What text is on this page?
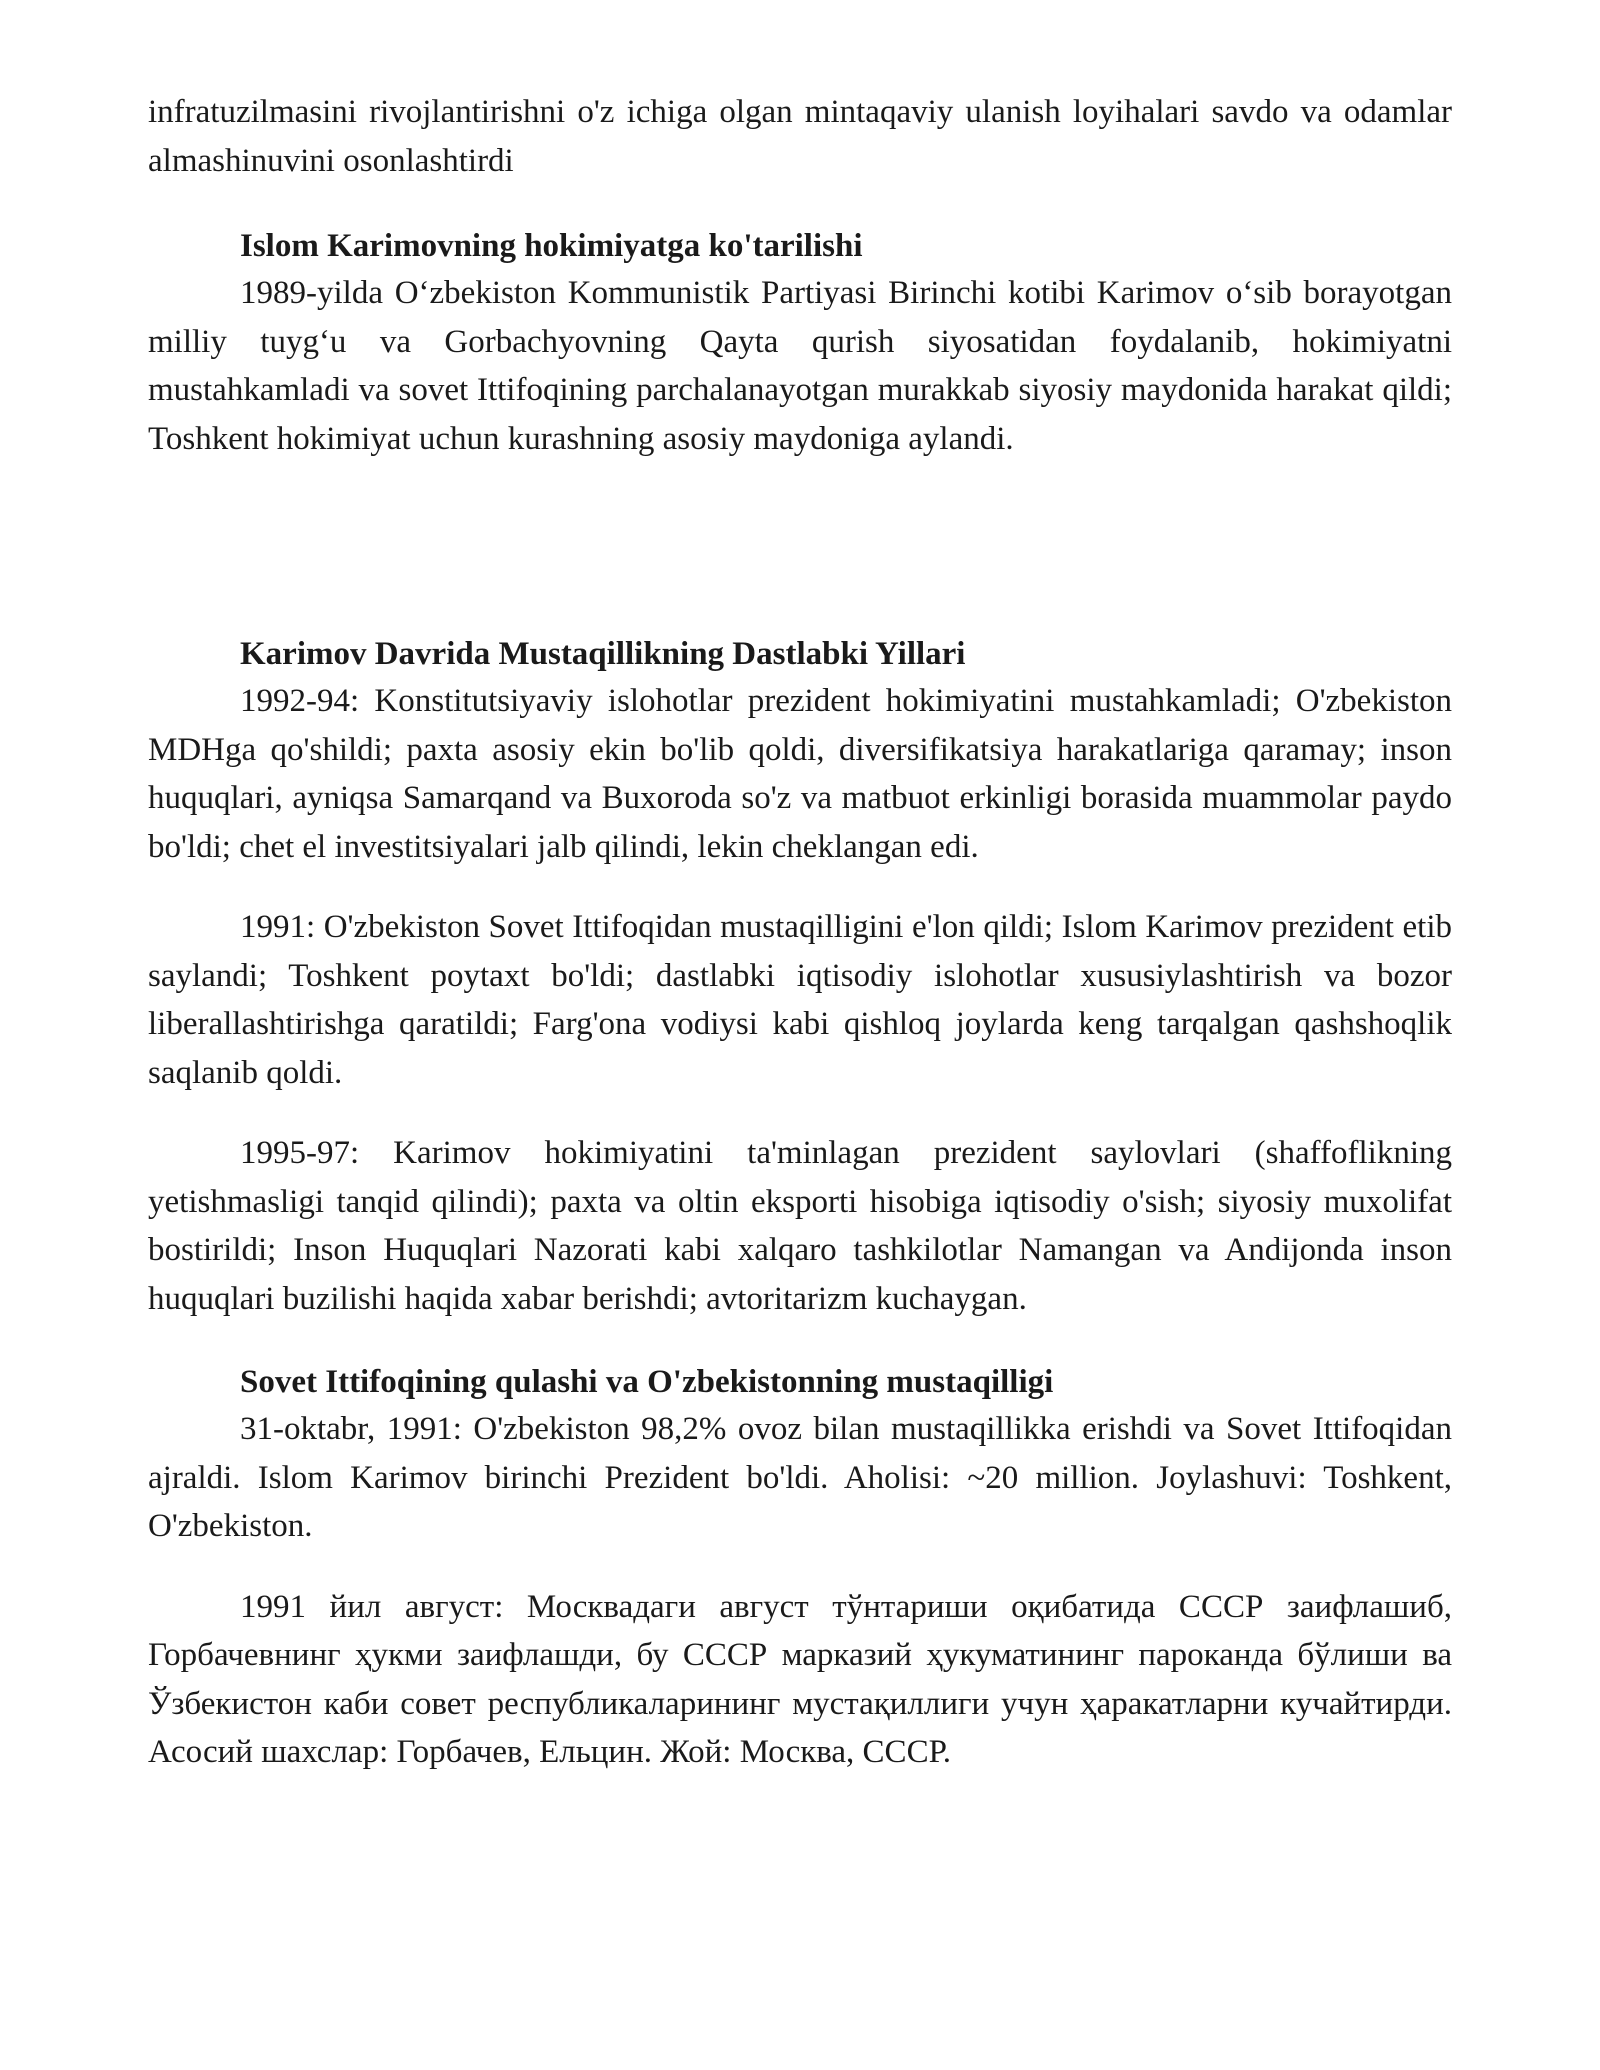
infratuzilmasini rivojlantirishni o'z ichiga olgan mintaqaviy ulanish loyihalari savdo va odamlar almashinuvini osonlashtirdi

Islom Karimovning hokimiyatga ko'tarilishi

1989-yilda O‘zbekiston Kommunistik Partiyasi Birinchi kotibi Karimov o‘sib borayotgan milliy tuyg‘u va Gorbachyovning Qayta qurish siyosatidan foydalanib, hokimiyatni mustahkamladi va sovet Ittifoqining parchalanayotgan murakkab siyosiy maydonida harakat qildi; Toshkent hokimiyat uchun kurashning asosiy maydoniga aylandi.

Karimov Davrida Mustaqillikning Dastlabki Yillari

1992-94: Konstitutsiyaviy islohotlar prezident hokimiyatini mustahkamladi; O'zbekiston MDHga qo'shildi; paxta asosiy ekin bo'lib qoldi, diversifikatsiya harakatlariga qaramay; inson huquqlari, ayniqsa Samarqand va Buxoroda so'z va matbuot erkinligi borasida muammolar paydo bo'ldi; chet el investitsiyalari jalb qilindi, lekin cheklangan edi.

1991: O'zbekiston Sovet Ittifoqidan mustaqilligini e'lon qildi; Islom Karimov prezident etib saylandi; Toshkent poytaxt bo'ldi; dastlabki iqtisodiy islohotlar xususiylashtirish va bozor liberallashtirishga qaratildi; Farg'ona vodiysi kabi qishloq joylarda keng tarqalgan qashshoqlik saqlanib qoldi.

1995-97: Karimov hokimiyatini ta'minlagan prezident saylovlari (shaffoflikning yetishmasligi tanqid qilindi); paxta va oltin eksporti hisobiga iqtisodiy o'sish; siyosiy muxolifat bostirildi; Inson Huquqlari Nazorati kabi xalqaro tashkilotlar Namangan va Andijonda inson huquqlari buzilishi haqida xabar berishdi; avtoritarizm kuchaygan.

Sovet Ittifoqining qulashi va O'zbekistonning mustaqilligi

31-oktabr, 1991: O'zbekiston 98,2% ovoz bilan mustaqillikka erishdi va Sovet Ittifoqidan ajraldi. Islom Karimov birinchi Prezident bo'ldi. Aholisi: ~20 million. Joylashuvi: Toshkent, O'zbekiston.

1991 йил август: Москвадаги август тўнтариши оқибатида СССР заифлашиб, Горбачевнинг ҳукми заифлашди, бу СССР марказий ҳукуматининг пароканда бўлиши ва Ўзбекистон каби совет республикаларининг мустақиллиги учун ҳаракатларни кучайтирди. Асосий шахслар: Горбачев, Ельцин. Жой: Москва, СССР.
